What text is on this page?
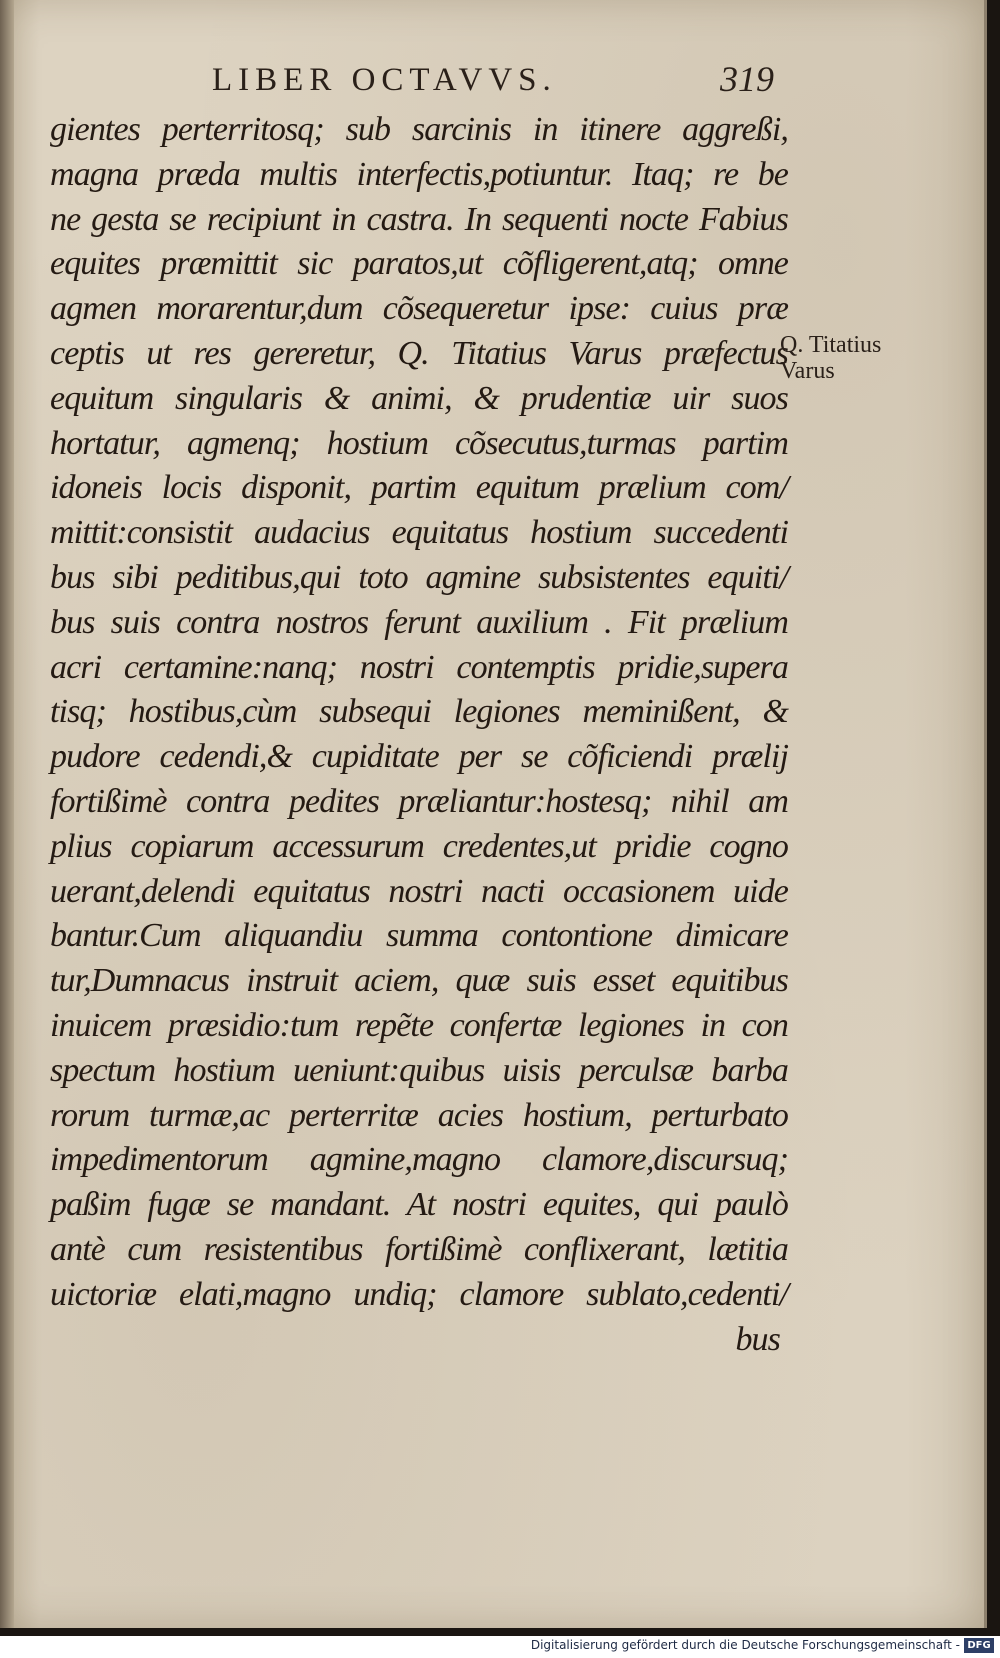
LIBER OCTAVVS.	319
gientes perterritosq; sub sarcinis in itinere aggreßi,
magna præda multis interfectis,potiuntur. Itaq; re be
ne gesta se recipiunt in castra. In sequenti nocte Fabius
equites præmittit sic paratos,ut cõfligerent,atq; omne
agmen morarentur,dum cõsequeretur ipse: cuius præ
ceptis ut res gereretur, Q. Titatius Varus præfectus
equitum singularis & animi, & prudentiæ uir suos
hortatur, agmenq; hostium cõsecutus,turmas partim
idoneis locis disponit, partim equitum prælium com/
mittit:consistit audacius equitatus hostium succedenti
bus sibi peditibus,qui toto agmine subsistentes equiti/
bus suis contra nostros ferunt auxilium . Fit prælium
acri certamine:nanq; nostri contemptis pridie,supera
tisq; hostibus,cùm subsequi legiones meminißent, &
pudore cedendi,& cupiditate per se cõficiendi prælij
fortißimè contra pedites præliantur:hostesq; nihil am
plius copiarum accessurum credentes,ut pridie cogno
uerant,delendi equitatus nostri nacti occasionem uide
bantur.Cum aliquandiu summa contontione dimicare
tur,Dumnacus instruit aciem, quæ suis esset equitibus
inuicem præsidio:tum repẽte confertæ legiones in con
spectum hostium ueniunt:quibus uisis perculsæ barba
rorum turmæ,ac perterritæ acies hostium, perturbato
impedimentorum agmine,magno clamore,discursuq;
paßim fugæ se mandant. At nostri equites, qui paulò
antè cum resistentibus fortißimè conflixerant, lætitia
uictoriæ elati,magno undiq; clamore sublato,cedenti/
bus
Q. Titatius
Varus
Digitalisierung gefördert durch die Deutsche Forschungsgemeinschaft - DFG
